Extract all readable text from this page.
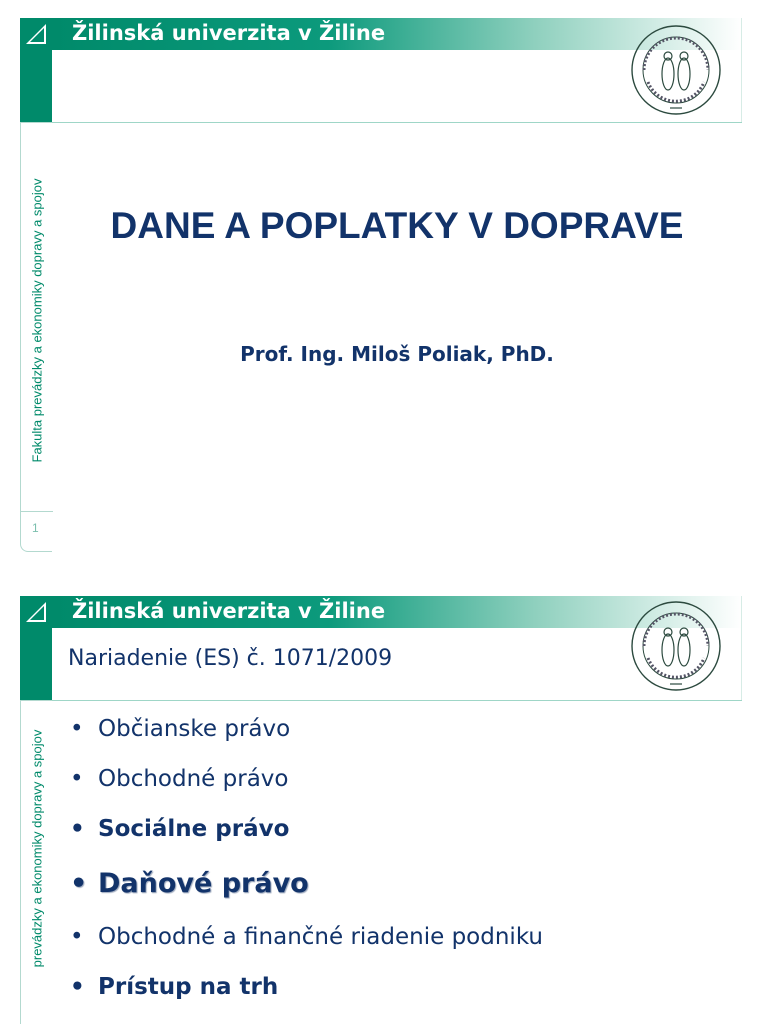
Žilinská univerzita v Žiline
Fakulta prevádzky a ekonomiky dopravy a spojov
1
DANE A POPLATKY V DOPRAVE
Prof. Ing. Miloš Poliak, PhD.
Žilinská univerzita v Žiline
prevádzky a ekonomiky dopravy a spojov
Nariadenie (ES) č. 1071/2009
• Občianske právo
• Obchodné právo
• Sociálne právo
• Daňové právo
• Obchodné a finančné riadenie podniku
• Prístup na trh
